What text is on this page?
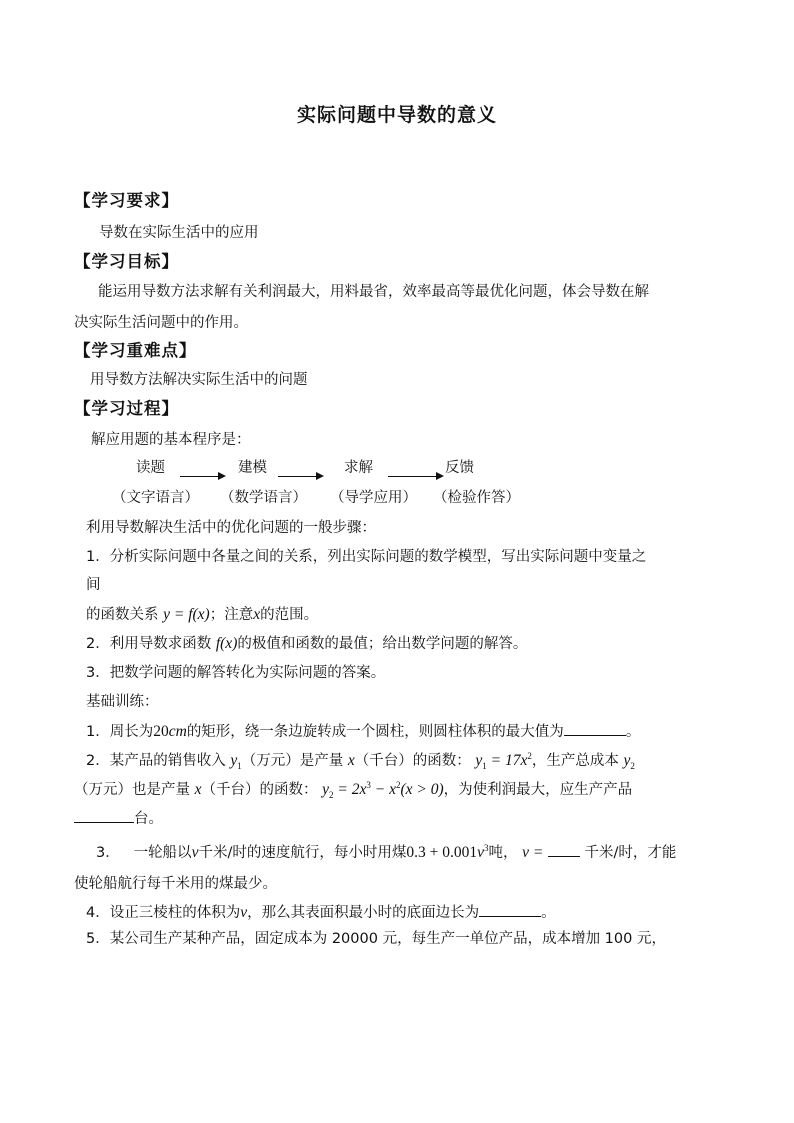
实际问题中导数的意义
【学习要求】
导数在实际生活中的应用
【学习目标】
能运用导数方法求解有关利润最大，用料最省，效率最高等最优化问题，体会导数在解
决实际生活问题中的作用。
【学习重难点】
用导数方法解决实际生活中的问题
【学习过程】
解应用题的基本程序是：
读题	建模	求解	反馈
（文字语言） （数学语言） （导学应用） （检验作答）
利用导数解决生活中的优化问题的一般步骤：
1．分析实际问题中各量之间的关系，列出实际问题的数学模型，写出实际问题中变量之
间
的函数关系 y = f(x)；注意x的范围。
2．利用导数求函数 f(x)的极值和函数的最值；给出数学问题的解答。
3．把数学问题的解答转化为实际问题的答案。
基础训练：
1．周长为20cm的矩形，绕一条边旋转成一个圆柱，则圆柱体积的最大值为	。
2．某产品的销售收入 $y_1$（万元）是产量 x（千台）的函数： $y_1 = 17x^2$，生产总成本 $y_2$
（万元）也是产量 x（千台）的函数： $y_2 = 2x^3 - x^2(x > 0)$，为使利润最大，应生产产品
台。
3． 一轮船以v千米/时的速度航行，每小时用煤$0.3 + 0.001v^3$吨， v =	千米/时，才能
使轮船航行每千米用的煤最少。
4．设正三棱柱的体积为v，那么其表面积最小时的底面边长为	。
5．某公司生产某种产品，固定成本为 20000 元，每生产一单位产品，成本增加 100 元，
